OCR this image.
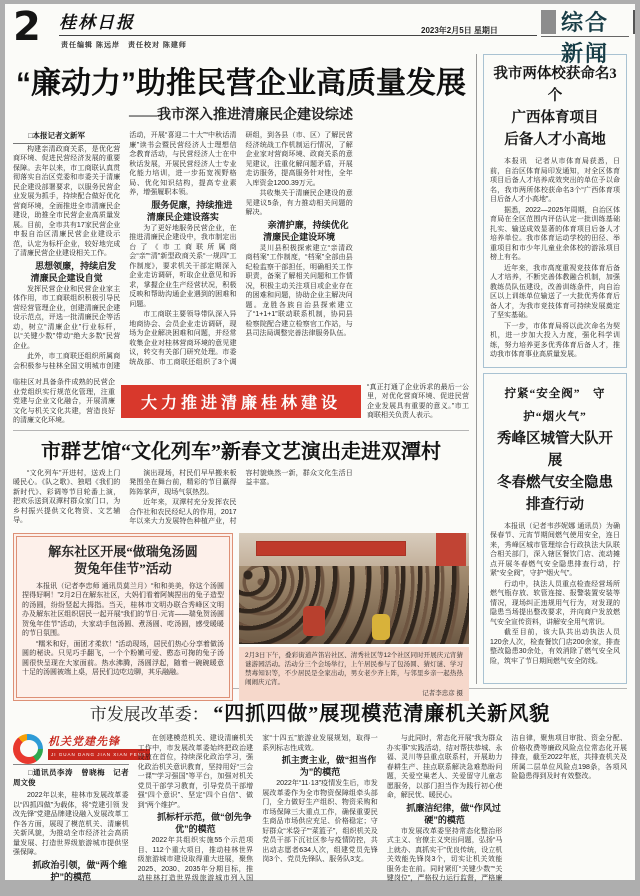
2 桂林日报
责任编辑 陈远岸　责任校对 陈建师
2023年2月5日 星期日	综合新闻
“廉动力”助推民营企业高质量发展
——我市深入推进清廉民企建设综述

□本报记者文新军

构建亲清政商关系，是优化营商环境、促进民营经济发展的重要保障。去年以来，市工商联认真贯彻落实自治区党委和市委关于清廉民企建设部署要求，以服务民营企业发展为抓手，持续配合做好优化营商环境，全面推进全市清廉民企建设，助推全市民营企业高质量发展。目前，全市共有17家民营企业申报自治区清廉民营企业建设示范，认定为标杆企业，较好地完成了清廉民营企业建设相关工作。

思想领廉，持续启发清廉民企建设自觉

发挥民营企业和民营企业家主体作用，市工商联组织积极引导民营经营管理企业，创建清廉民企建设示范点，评选一批清廉民企等活动，树立“清廉企业”行业标杆，以“关键少数”带动“绝大多数”民营企业。

此外，市工商联还组织所属商会积极参与桂林全国文明城市创建活动，开展“喜迎二十大”“中秋话清廉”读书会暨民营经济人士理想信念教育活动，与民营经济人士在中秋话发展，开展民营经济人士专业化能力培训，进一步拓宽视野格局、优化知识结构，提高专业素养，增强履职本领。

服务促廉，持续推进清廉民企建设落实

为了更好地服务民营企业，在推进清廉民企建设中，我市制定出台了《市工商联所属商会“亲”“清”新型政商关系“一规四”工作制度》，要求机关干部定期深入企业走访调研，听取企业意见和诉求，掌握企业生产经营状况，积极反映和帮助沟通企业遇到的困难和问题。

市工商联主要领导带队深入异地商协会、会员企业走访调研，现场为企业解决困难和问题，并经常收集企业对桂林营商环境的意见建议，转交有关部门研究处理。市委统战部、市工商联还组织了3个调研组，到各县（市、区）了解民营经济统战工作机制运行情况，了解企业家对营商环境、政商关系的意见建议，注重化解问题矛盾，开展走访服务，提高服务针对性，全年入库资金1200.39万元。

共收集关于清廉民企建设的意见建议5条，有力推动相关问题的解决。

亲清护廉，持续优化清廉民企建设环境

灵川县积极探索建立“亲清政商档案”工作制度，“档案”全部由县纪检监察干部担任，明确相关工作职责，备案了解相关问题和工作情况，积极主动关注项目或企业存在的困难和问题，协助企业主解决问题。龙胜各族自治县探索建立了“1+1+1”联动联系机制，协同县检察院配合建立检察官工作站，与县司法局调整完善法律服务队伍。

临桂区对具备条件成熟的民营企业党组织实行规范化管理，注重党建与企业文化融合，开展清廉文化与机关文化共建，营造良好的清廉文化环境。
大力推进清廉桂林建设
“真正打通了企业诉求的最后一公里，对优化营商环境、促进民营企业发展具有重要的意义。”市工商联相关负责人表示。
市群艺馆“文化列车”新春文艺演出走进双潭村

“文化列车”开进村，送戏上门暖民心。《队之歌》、独唱《我们的新时代》、彩调等节目轮番上演，把欢乐送到双潭村群众家门口，为乡村振兴提供文化物资、文艺辅导。

演出现场，村民们早早搬来板凳围坐在舞台前，精彩的节目赢得阵阵掌声，现场气氛热烈。

近年来，双潭村充分发挥农民合作社和农民经纪人的作用，2017年以来大力发展特色种植产业，村容村貌焕然一新，群众文化生活日益丰富。

解东社区开展“做瑞兔汤圆
贺兔年佳节”活动

本报讯（记者李忠师 通讯员莫兰月）“和和美美，你这个汤圆捏得好啊！”2月2日在解东社区，大妈们看着阿姨捏出的兔子造型的汤圆，纷纷竖起大拇指。当天，桂林市文明办联合秀峰区文明办及解东社区组织居民一起开展“我们的节日·元宵——瑞兔贺汤圆 贺兔年佳节”活动，大家动手包汤圆、煮汤圆、吃汤圆，感受暖暖的节日氛围。

“糯米和好，面团才柔软！”活动现场，居民们热心分享着做汤圆的秘诀。只见巧手翻飞，一个个粉嫩可爱、憨态可掬的兔子汤圆很快呈现在大家面前。热水沸腾，汤圆浮起，随着一碗碗暖意十足的汤圆被端上桌，居民们边吃边聊，其乐融融。

2月3日下午，叠彩街道芦笛岩社区、清秀社区等12个社区同时开展庆元宵猜谜游园活动。活动分三个会场举行，上午居民参与了包汤圆、猜灯谜、学习禁毒知识等，不少居民是全家出动，男女老少齐上阵，与邻里乡亲一起热热闹闹庆元宵。
记者李忠彦 摄
我市两体校获命名3个
广西体育项目
后备人才小高地

本报讯　记者从市体育局获悉，日前，自治区体育局印发通知，对全区体育项目后备人才培养成效突出的单位予以命名，我市两所体校获命名3个“广西体育项目后备人才小高地”。

据悉，2022—2025年周期，自治区体育局在全区范围内评估认定一批训练基础扎实、输送成效显著的体育项目后备人才培养单位。我市体育运动学校的田径、举重项目和市少年儿童业余体校的游泳项目榜上有名。

近年来，我市高度重视竞技体育后备人才培养，不断完善体教融合机制，加强教练员队伍建设，改善训练条件，向自治区以上训练单位输送了一大批优秀体育后备人才，为我市竞技体育可持续发展奠定了坚实基础。

下一步，市体育局将以此次命名为契机，进一步加大投入力度，强化科学训练，努力培养更多优秀体育后备人才，推动我市体育事业高质量发展。

拧紧“安全阀”　守护“烟火气”
秀峰区城管大队开展
冬春燃气安全隐患排查行动

本报讯（记者韦莎妮娜 通讯员）为确保春节、元宵节期间燃气使用安全，连日来，秀峰区城市管理综合行政执法大队联合相关部门，深入辖区餐饮门店、流动摊点开展冬春燃气安全隐患排查行动，拧紧“安全阀”，守护“烟火气”。

行动中，执法人员重点检查经营场所燃气瓶存放、软管连接、报警装置安装等情况，现场纠正违规用气行为，对发现的隐患当场提出整改要求，并向商户发放燃气安全宣传资料，讲解安全用气常识。

截至目前，该大队共出动执法人员120余人次，检查餐饮门店200余家，排查整改隐患30余处，有效消除了燃气安全风险，筑牢了节日期间燃气安全防线。

市发展改革委： “四抓四做”展现模范清廉机关新风貌
机关党建先锋
JI GUAN DANG JIAN XIAN FENG

□通讯员李涛　曾晓梅　记者周文俊

2022年以来，桂林市发展改革委以“四抓四做”为载体，将“党建引领 发改先锋”党建品牌建设融入发展改革工作各方面，展现了模范机关、清廉机关新风貌，为推动全市经济社会高质量发展、打造世界级旅游城市提供坚强保障。

抓政治引领，做“两个维护”的模范

在创建模范机关、建设清廉机关工作中，市发展改革委始终把政治建设放在首位，持续深化政治学习，强化政治机关意识教育，坚持用好“三会一课”“学习强国”等平台，加强对机关党员干部学习教育，引导党员干部增强“四个意识”、坚定“四个自信”、做到“两个维护”。

抓标杆示范，做“创先争优”的模范

2022年共组织实施55个示范项目、112个重大项目，推动桂林世界级旅游城市建设取得重大进展，聚焦2025、2030、2035年分期目标，推动桂林打造世界级旅游城市列入国家“十四五”旅游业发展规划，取得一系列标志性成效。

抓主责主业，做“担当作为”的模范

2022年“11·13”疫情发生后，市发展改革委作为全市物资保障组牵头部门，全力做好生产组织、物资采购和市场保障三大重点工作，确保重要民生商品市场供应充足、价格稳定；守好群众“米袋子”“菜篮子”，组织机关及党员干部下沉社区参与疫情防控，共出动志愿者634人次，组建党员先锋岗3个、党员先锋队、服务队3支。

与此同时，常态化开展“我为群众办实事”实践活动，结对帮扶恭城、永福、灵川等县重点联系村，开展助力春耕生产、挂点联系解决急难愁盼问题，关爱空巢老人、关爱留守儿童志愿服务，以部门担当作为践行初心使命，解民忧、暖民心。

抓廉洁纪律，做“作风过硬”的模范

市发展改革委坚持常态化整治形式主义、官僚主义突出问题，弘扬“马上就办、真抓实干”优良传统，设立机关效能先锋岗3个，切实让机关效能服务走在前。同时紧盯“关键少数”“关键岗位”，严格权力运行监督，严格廉洁自律，聚焦项目审批、资金分配、价格收费等廉政风险点位常态化开展排查，截至2022年底，共排查机关及所属二层单位风险点198条，各项风险隐患得到及时有效整改。
